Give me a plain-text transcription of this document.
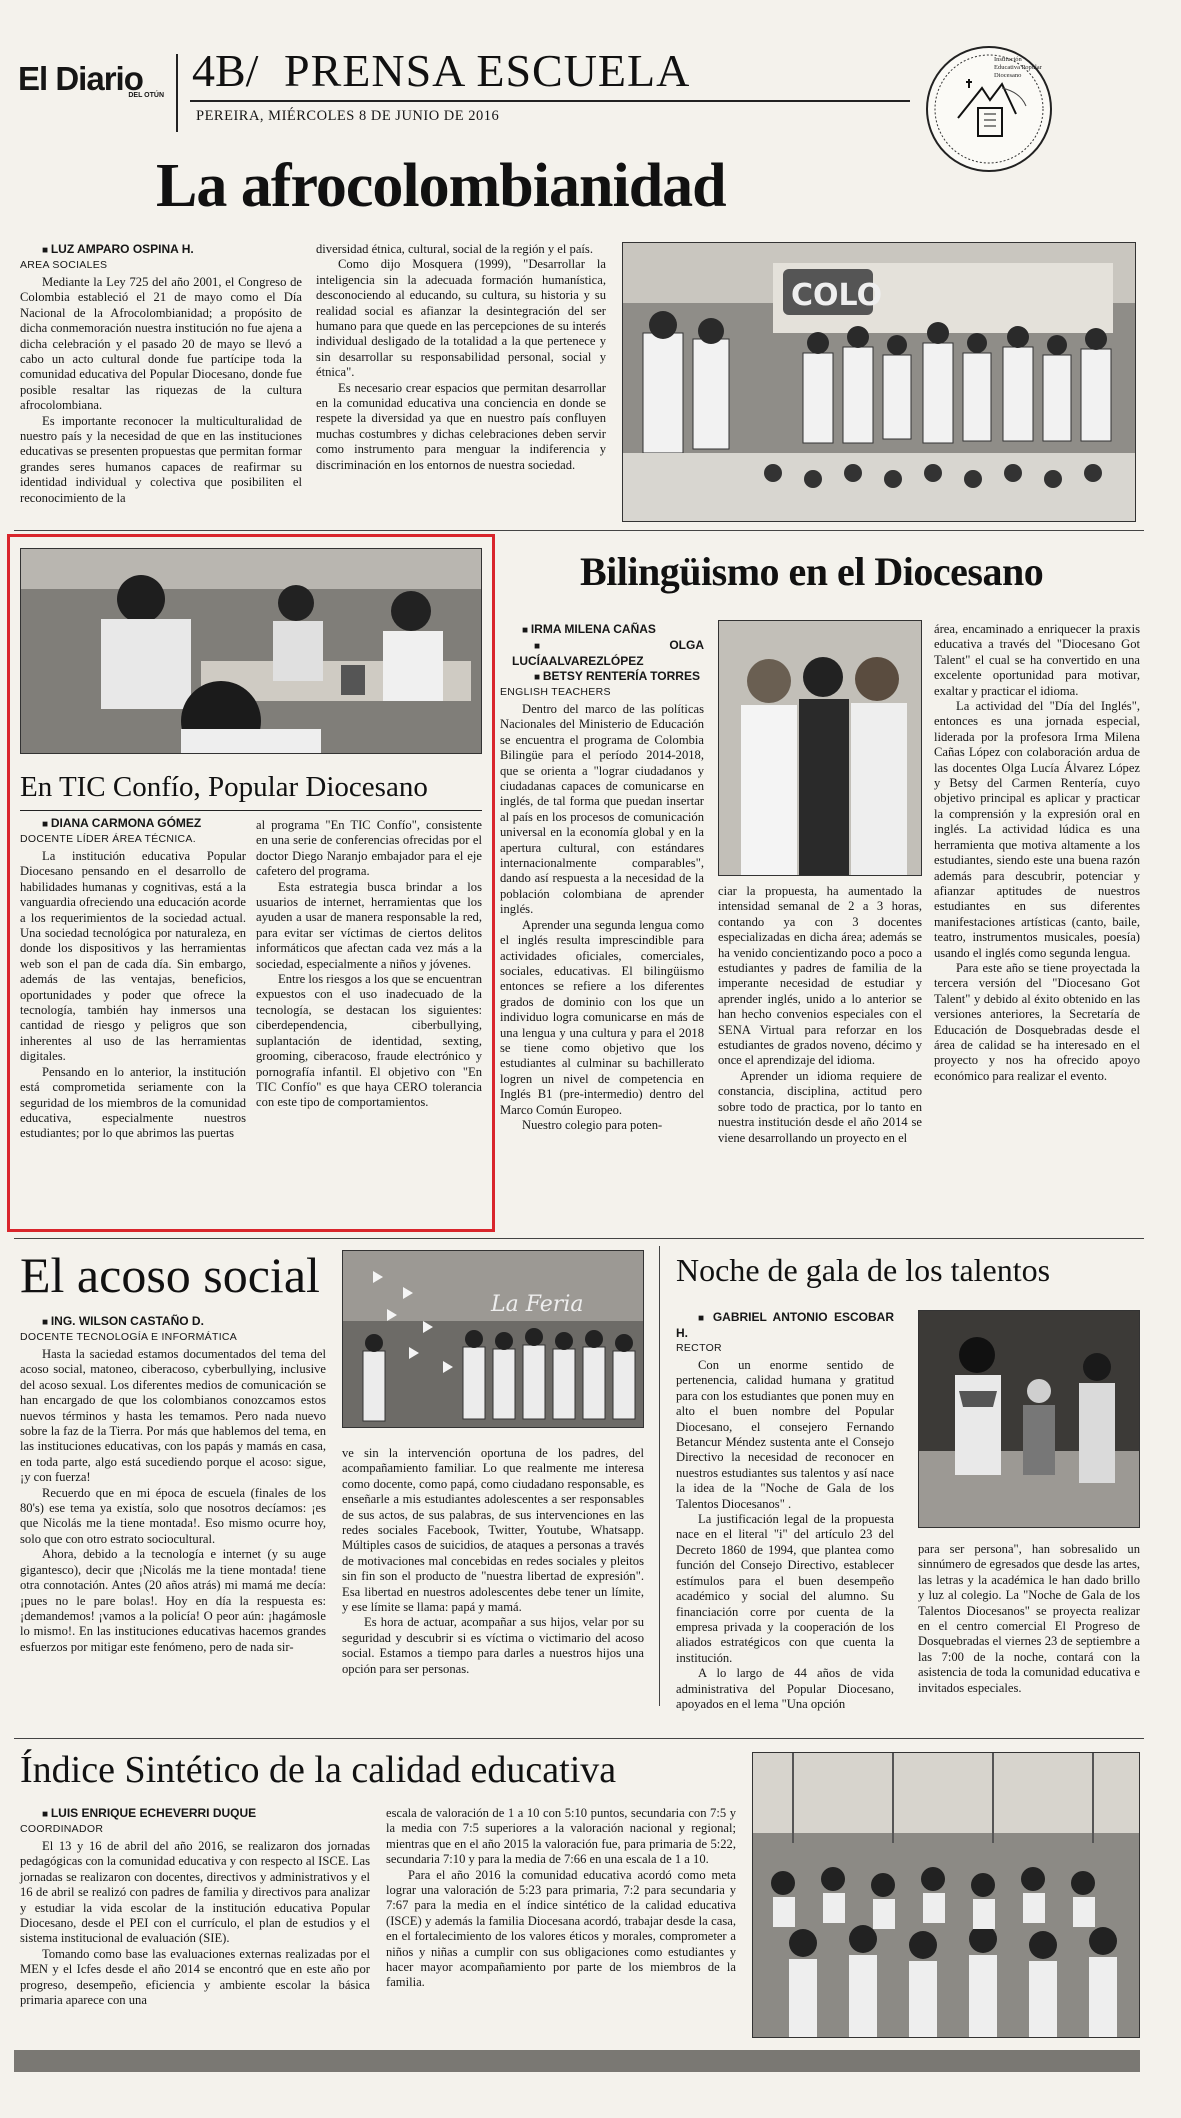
El Diario
DEL OTÚN 4B/ PRENSA ESCUELA
PEREIRA, MIÉRCOLES 8 DE JUNIO DE 2016
Institución Educativa Popular Diocesano
La afrocolombianidad

■ LUZ AMPARO OSPINA H.

AREA SOCIALES

Mediante la Ley 725 del año 2001, el Congreso de Colombia estableció el 21 de mayo como el Día Nacional de la Afrocolombianidad; a propósito de dicha conmemoración nuestra institución no fue ajena a dicha celebración y el pasado 20 de mayo se llevó a cabo un acto cultural donde fue partícipe toda la comunidad educativa del Popular Diocesano, donde fue posible resaltar las riquezas de la cultura afrocolombiana.

Es importante reconocer la multiculturalidad de nuestro país y la necesidad de que en las instituciones educativas se presenten propuestas que permitan formar grandes seres humanos capaces de reafirmar su identidad individual y colectiva que posibiliten el reconocimiento de la

diversidad étnica, cultural, social de la región y el país.

Como dijo Mosquera (1999), "Desarrollar la inteligencia sin la adecuada formación humanística, desconociendo al educando, su cultura, su historia y su realidad social es afianzar la desintegración del ser humano para que quede en las percepciones de su interés individual desligado de la totalidad a la que pertenece y sin desarrollar su responsabilidad personal, social y étnica".

Es necesario crear espacios que permitan desarrollar en la comunidad educativa una conciencia en donde se respete la diversidad ya que en nuestro país confluyen muchas costumbres y dichas celebraciones deben servir como instrumento para menguar la indiferencia y discriminación en los entornos de nuestra sociedad.

COLO
En TIC Confío, Popular Diocesano

■ DIANA CARMONA GÓMEZ

DOCENTE LÍDER ÁREA TÉCNICA.

La institución educativa Popular Diocesano pensando en el desarrollo de habilidades humanas y cognitivas, está a la vanguardia ofreciendo una educación acorde a los requerimientos de la sociedad actual. Una sociedad tecnológica por naturaleza, en donde los dispositivos y las herramientas web son el pan de cada día. Sin embargo, además de las ventajas, beneficios, oportunidades y poder que ofrece la tecnología, también hay inmersos una cantidad de riesgo y peligros que son inherentes al uso de las herramientas digitales.

Pensando en lo anterior, la institución está comprometida seriamente con la seguridad de los miembros de la comunidad educativa, especialmente nuestros estudiantes; por lo que abrimos las puertas

al programa "En TIC Confío", consistente en una serie de conferencias ofrecidas por el doctor Diego Naranjo embajador para el eje cafetero del programa.

Esta estrategia busca brindar a los usuarios de internet, herramientas que los ayuden a usar de manera responsable la red, para evitar ser víctimas de ciertos delitos informáticos que afectan cada vez más a la sociedad, especialmente a niños y jóvenes.

Entre los riesgos a los que se encuentran expuestos con el uso inadecuado de la tecnología, se destacan los siguientes: ciberdependencia, ciberbullying, suplantación de identidad, sexting, grooming, ciberacoso, fraude electrónico y pornografía infantil. El objetivo con "En TIC Confío" es que haya CERO tolerancia con este tipo de comportamientos.

Bilingüismo en el Diocesano

■ IRMA MILENA CAÑAS

■ OLGA LUCÍAALVAREZLÓPEZ

■ BETSY RENTERÍA TORRES

ENGLISH TEACHERS

Dentro del marco de las políticas Nacionales del Ministerio de Educación se encuentra el programa de Colombia Bilingüe para el período 2014-2018, que se orienta a "lograr ciudadanos y ciudadanas capaces de comunicarse en inglés, de tal forma que puedan insertar al país en los procesos de comunicación universal en la economía global y en la apertura cultural, con estándares internacionalmente comparables", dando así respuesta a la necesidad de la población colombiana de aprender inglés.

Aprender una segunda lengua como el inglés resulta imprescindible para actividades oficiales, comerciales, sociales, educativas. El bilingüismo entonces se refiere a los diferentes grados de dominio con los que un individuo logra comunicarse en más de una lengua y una cultura y para el 2018 se tiene como objetivo que los estudiantes al culminar su bachillerato logren un nivel de competencia en Inglés B1 (pre-intermedio) dentro del Marco Común Europeo.

Nuestro colegio para poten-

ciar la propuesta, ha aumentado la intensidad semanal de 2 a 3 horas, contando ya con 3 docentes especializadas en dicha área; además se ha venido concientizando poco a poco a estudiantes y padres de familia de la imperante necesidad de estudiar y aprender inglés, unido a lo anterior se han hecho convenios especiales con el SENA Virtual para reforzar en los estudiantes de grados noveno, décimo y once el aprendizaje del idioma.

Aprender un idioma requiere de constancia, disciplina, actitud pero sobre todo de practica, por lo tanto en nuestra institución desde el año 2014 se viene desarrollando un proyecto en el

área, encaminado a enriquecer la praxis educativa a través del "Diocesano Got Talent" el cual se ha convertido en una excelente oportunidad para motivar, exaltar y practicar el idioma.

La actividad del "Día del Inglés", entonces es una jornada especial, liderada por la profesora Irma Milena Cañas López con colaboración ardua de las docentes Olga Lucía Álvarez López y Betsy del Carmen Rentería, cuyo objetivo principal es aplicar y practicar la comprensión y la expresión oral en inglés. La actividad lúdica es una herramienta que motiva altamente a los estudiantes, siendo este una buena razón además para descubrir, potenciar y afianzar aptitudes de nuestros estudiantes en sus diferentes manifestaciones artísticas (canto, baile, teatro, instrumentos musicales, poesía) usando el inglés como segunda lengua.

Para este año se tiene proyectada la tercera versión del "Diocesano Got Talent" y debido al éxito obtenido en las versiones anteriores, la Secretaría de Educación de Dosquebradas desde el área de calidad se ha interesado en el proyecto y nos ha ofrecido apoyo económico para realizar el evento.

El acoso social
La Feria

■ ING. WILSON CASTAÑO D.

DOCENTE TECNOLOGÍA E INFORMÁTICA

Hasta la saciedad estamos documentados del tema del acoso social, matoneo, ciberacoso, cyberbullying, inclusive del acoso sexual. Los diferentes medios de comunicación se han encargado de que los colombianos conozcamos estos nuevos términos y hasta les temamos. Pero nada nuevo sobre la faz de la Tierra. Por más que hablemos del tema, en las instituciones educativas, con los papás y mamás en casa, en toda parte, algo está sucediendo porque el acoso: sigue, ¡y con fuerza!

Recuerdo que en mi época de escuela (finales de los 80's) ese tema ya existía, solo que nosotros decíamos: ¡es que Nicolás me la tiene montada!. Eso mismo ocurre hoy, solo que con otro estrato sociocultural.

Ahora, debido a la tecnología e internet (y su auge gigantesco), decir que ¡Nicolás me la tiene montada! tiene otra connotación. Antes (20 años atrás) mi mamá me decía: ¡pues no le pare bolas!. Hoy en día la respuesta es: ¡demandemos! ¡vamos a la policía! O peor aún: ¡hagámosle lo mismo!. En las instituciones educativas hacemos grandes esfuerzos por mitigar este fenómeno, pero de nada sir-

ve sin la intervención oportuna de los padres, del acompañamiento familiar. Lo que realmente me interesa como docente, como papá, como ciudadano responsable, es enseñarle a mis estudiantes adolescentes a ser responsables de sus actos, de sus palabras, de sus intervenciones en las redes sociales Facebook, Twitter, Youtube, Whatsapp. Múltiples casos de suicidios, de ataques a personas a través de motivaciones mal concebidas en redes sociales y pleitos sin fin son el producto de "nuestra libertad de expresión". Esa libertad en nuestros adolescentes debe tener un límite, y ese límite se llama: papá y mamá.

Es hora de actuar, acompañar a sus hijos, velar por su seguridad y descubrir si es víctima o victimario del acoso social. Estamos a tiempo para darles a nuestros hijos una opción para ser personas.

Noche de gala de los talentos

■ GABRIEL ANTONIO ESCOBAR H.

RECTOR

Con un enorme sentido de pertenencia, calidad humana y gratitud para con los estudiantes que ponen muy en alto el buen nombre del Popular Diocesano, el consejero Fernando Betancur Méndez sustenta ante el Consejo Directivo la necesidad de reconocer en nuestros estudiantes sus talentos y así nace la idea de la "Noche de Gala de los Talentos Diocesanos" .

La justificación legal de la propuesta nace en el literal "i" del artículo 23 del Decreto 1860 de 1994, que plantea como función del Consejo Directivo, establecer estímulos para el buen desempeño académico y social del alumno. Su financiación corre por cuenta de la empresa privada y la cooperación de los aliados estratégicos con que cuenta la institución.

A lo largo de 44 años de vida administrativa del Popular Diocesano, apoyados en el lema "Una opción

para ser persona", han sobresalido un sinnúmero de egresados que desde las artes, las letras y la académica le han dado brillo y luz al colegio. La "Noche de Gala de los Talentos Diocesanos" se proyecta realizar en el centro comercial El Progreso de Dosquebradas el viernes 23 de septiembre a las 7:00 de la noche, contará con la asistencia de toda la comunidad educativa e invitados especiales.

Índice Sintético de la calidad educativa

■ LUIS ENRIQUE ECHEVERRI DUQUE

COORDINADOR

El 13 y 16 de abril del año 2016, se realizaron dos jornadas pedagógicas con la comunidad educativa y con respecto al ISCE. Las jornadas se realizaron con docentes, directivos y administrativos y el 16 de abril se realizó con padres de familia y directivos para analizar y estudiar la vida escolar de la institución educativa Popular Diocesano, desde el PEI con el currículo, el plan de estudios y el sistema institucional de evaluación (SIE).

Tomando como base las evaluaciones externas realizadas por el MEN y el Icfes desde el año 2014 se encontró que en este año por progreso, desempeño, eficiencia y ambiente escolar la básica primaria aparece con una

escala de valoración de 1 a 10 con 5:10 puntos, secundaria con 7:5 y la media con 7:5 superiores a la valoración nacional y regional; mientras que en el año 2015 la valoración fue, para primaria de 5:22, secundaria 7:10 y para la media de 7:66 en una escala de 1 a 10.

Para el año 2016 la comunidad educativa acordó como meta lograr una valoración de 5:23 para primaria, 7:2 para secundaria y 7:67 para la media en el índice sintético de la calidad educativa (ISCE) y además la familia Diocesana acordó, trabajar desde la casa, en el fortalecimiento de los valores éticos y morales, comprometer a niños y niñas a cumplir con sus obligaciones como estudiantes y hacer mayor acompañamiento por parte de los miembros de la familia.
